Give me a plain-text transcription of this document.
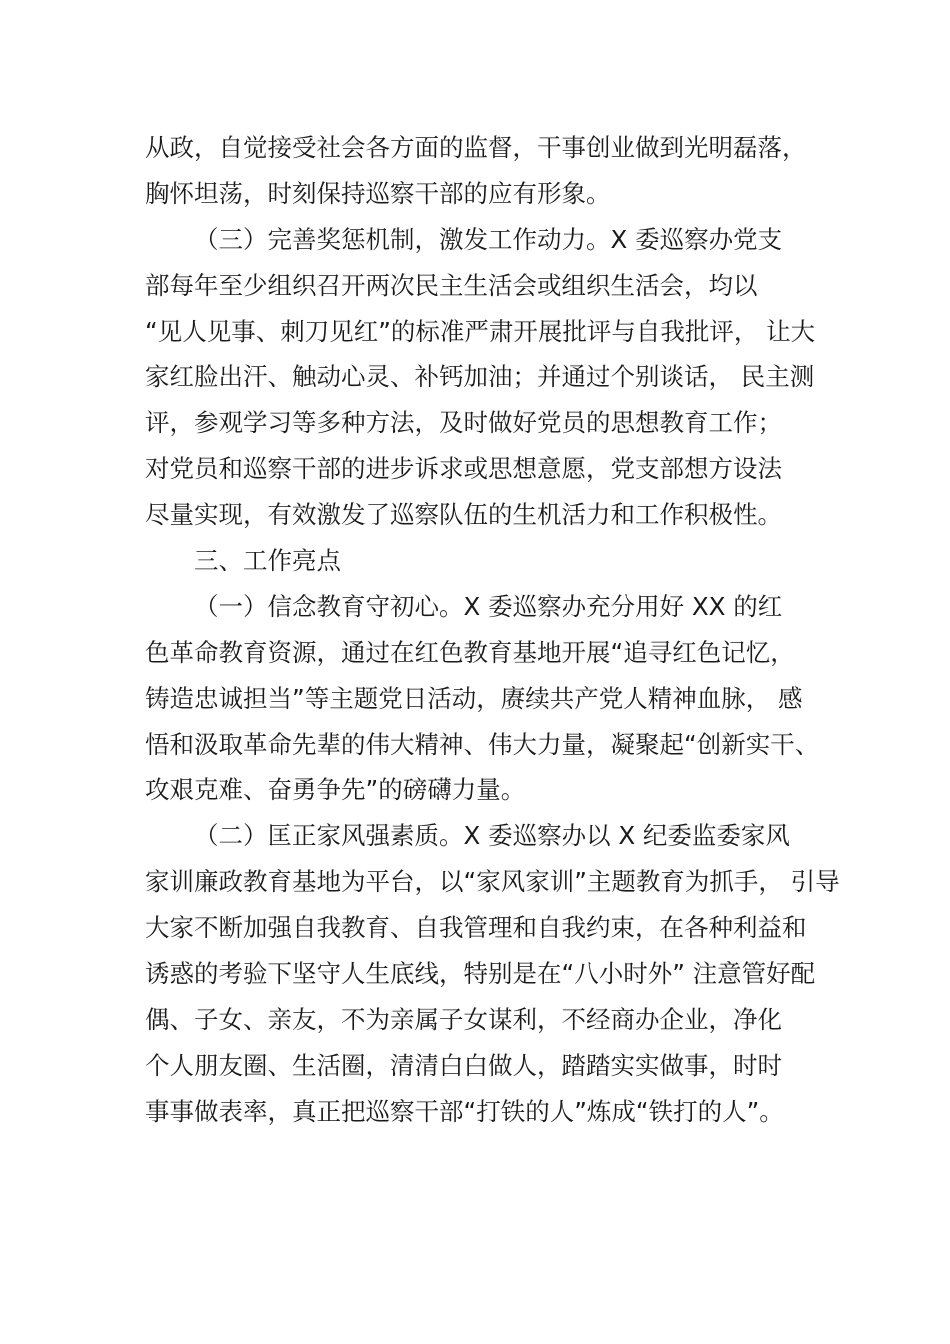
从政，自觉接受社会各方面的监督，干事创业做到光明磊落，
胸怀坦荡，时刻保持巡察干部的应有形象。
（三）完善奖惩机制，激发工作动力。X 委巡察办党支
部每年至少组织召开两次民主生活会或组织生活会，均以
“见人见事、刺刀见红”的标准严肃开展批评与自我批评， 让大
家红脸出汗、触动心灵、补钙加油；并通过个别谈话， 民主测
评，参观学习等多种方法，及时做好党员的思想教育工作；
对党员和巡察干部的进步诉求或思想意愿，党支部想方设法
尽量实现，有效激发了巡察队伍的生机活力和工作积极性。
三、工作亮点
（一）信念教育守初心。X 委巡察办充分用好 XX 的红
色革命教育资源，通过在红色教育基地开展“追寻红色记忆，
铸造忠诚担当”等主题党日活动，赓续共产党人精神血脉， 感
悟和汲取革命先辈的伟大精神、伟大力量，凝聚起“创新实干、
攻艰克难、奋勇争先”的磅礴力量。
（二）匡正家风强素质。X 委巡察办以 X 纪委监委家风
家训廉政教育基地为平台，以“家风家训”主题教育为抓手， 引导
大家不断加强自我教育、自我管理和自我约束，在各种利益和
诱惑的考验下坚守人生底线，特别是在“八小时外” 注意管好配
偶、子女、亲友，不为亲属子女谋利，不经商办企业，净化
个人朋友圈、生活圈，清清白白做人，踏踏实实做事，时时
事事做表率，真正把巡察干部“打铁的人”炼成“铁打的人”。
